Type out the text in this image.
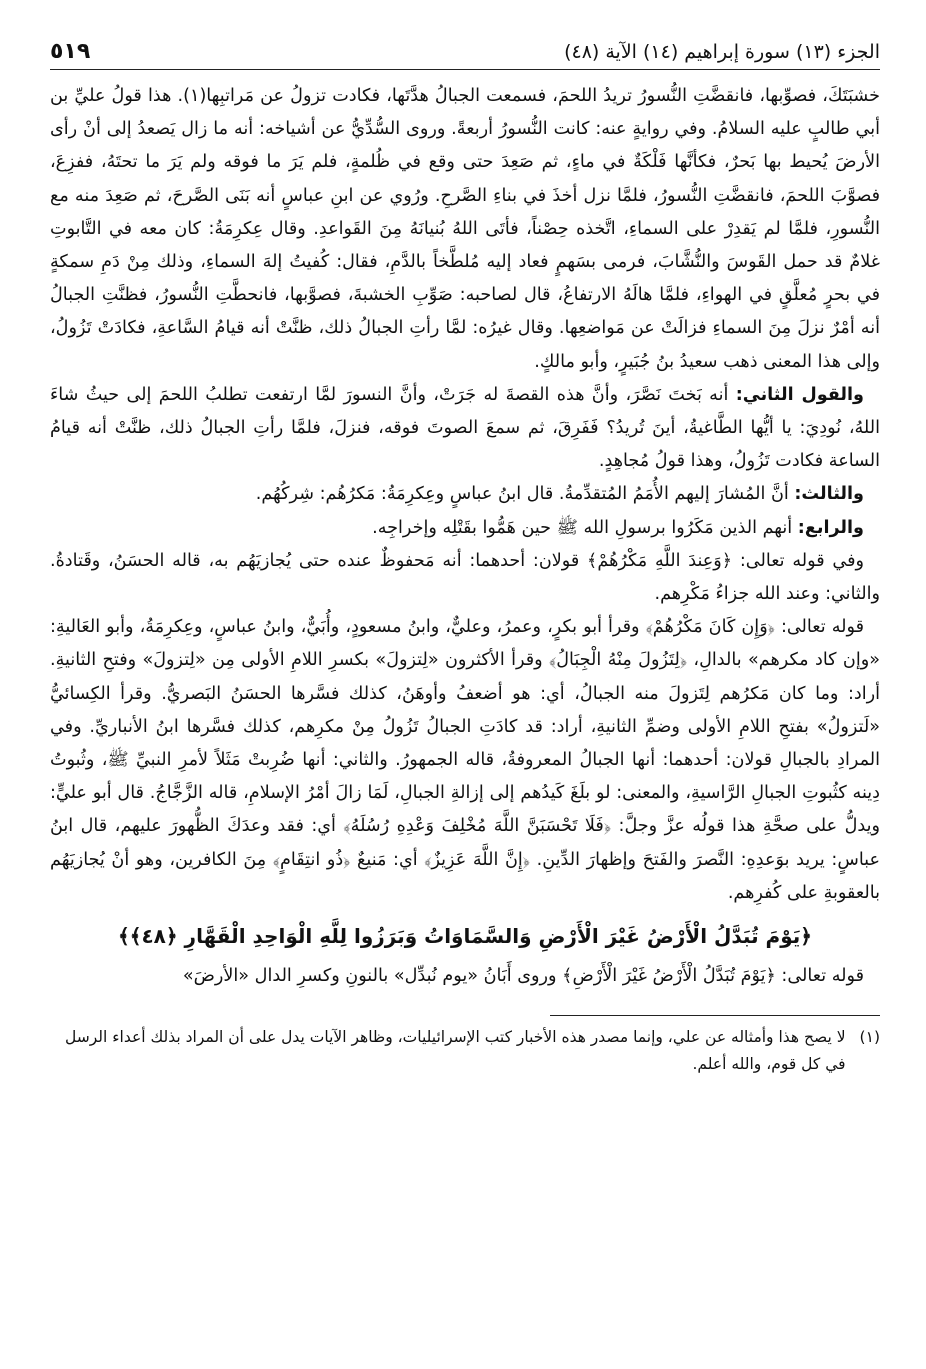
الجزء (١٣) سورة إبراهيم (١٤) الآية (٤٨)
٥١٩

خشبَتَكَ، فصوِّبها، فانقضَّتِ النُّسورُ تريدُ اللحمَ، فسمعت الجبالُ هدَّتَها، فكادت تزولُ عن مَراتبِها(١). هذا قولُ عليِّ بن أبي طالبٍ عليه السلامُ. وفي روايةٍ عنه: كانت النُّسورُ أربعةً. وروى السُّدِّيُّ عن أشياخه: أنه ما زال يَصعدُ إلى أنْ رأى الأرضَ يُحيط بها بَحرٌ، فكأنَّها فَلْكَةٌ في ماءٍ، ثم صَعِدَ حتى وقع في ظُلمةٍ، فلم يَرَ ما فوقه ولم يَرَ ما تحتَهُ، ففزِعَ، فصوَّبَ اللحمَ، فانقضَّتِ النُّسورُ، فلمَّا نزل أخذَ في بناءِ الصَّرحِ. ورُوي عن ابنِ عباسٍ أنه بَنَى الصَّرحَ، ثم صَعِدَ منه مع النُّسورِ، فلمَّا لم يَقدِرْ على السماءِ، اتَّخذه حِصْناً، فأتَى اللهُ بُنيانَهُ مِنَ القَواعدِ. وقال عِكرِمَةُ: كان معه في التَّابوتِ غلامٌ قد حمل القَوسَ والنُّشَّابَ، فرمى بسَهمٍ فعاد إليه مُلطَّخاً بالدَّمِ، فقال: كُفيتُ إلهَ السماءِ، وذلك مِنْ دَمِ سمكةٍ في بحرٍ مُعلَّقٍ في الهواءِ، فلمَّا هالَهُ الارتفاعُ، قال لصاحبه: صَوِّبِ الخشبةَ، فصوَّبها، فانحطَّتِ النُّسورُ، فظنَّتِ الجبالُ أنه أمْرٌ نزلَ مِنَ السماءِ فزالَتْ عن مَواضعِها. وقال غيرُه: لمَّا رأتِ الجبالُ ذلك، ظنَّتْ أنه قيامُ السَّاعةِ، فكادَتْ تَزُولُ، وإلى هذا المعنى ذهب سعيدُ بنُ جُبَيرٍ، وأبو مالكٍ.

والقول الثاني: أنه بَختَ نَصَّرَ، وأنَّ هذه القصةَ له جَرَتْ، وأنَّ النسورَ لمَّا ارتفعت تطلبُ اللحمَ إلى حيثُ شاءَ اللهُ، نُودِيَ: يا أيُّها الطَّاغيةُ، أينَ تُريدُ؟ فَفَرِقَ، ثم سمعَ الصوتَ فوقه، فنزلَ، فلمَّا رأتِ الجبالُ ذلك، ظنَّتْ أنه قيامُ الساعة فكادت تَزُولُ، وهذا قولُ مُجاهِدٍ.

والثالث: أنَّ المُشارَ إليهم الأُمَمُ المُتقدِّمةُ. قال ابنُ عباسٍ وعِكرِمَةُ: مَكرُهُم: شِركُهُم.

والرابع: أنهم الذين مَكَرُوا برسولِ الله ﷺ حين هَمُّوا بقَتْلِه وإخراجِه.

وفي قوله تعالى: ﴿وَعِندَ اللَّهِ مَكْرُهُمْ﴾ قولان: أحدهما: أنه مَحفوظٌ عنده حتى يُجازيَهُم به، قاله الحسَنُ، وقَتادةُ. والثاني: وعند الله جزاءُ مَكْرِهم.

قوله تعالى: ﴿وَإِن كَانَ مَكْرُهُمْ﴾ وقرأ أبو بكرٍ، وعمرُ، وعليٌّ، وابنُ مسعودٍ، وأُبَيٌّ، وابنُ عباسٍ، وعِكرِمَةُ، وأبو العَاليةِ: «وإن كاد مكرهم» بالدالِ، ﴿لِتَزُولَ مِنْهُ الْجِبَالُ﴾ وقرأ الأكثرون «لِتزولَ» بكسرِ اللامِ الأولى مِن «لِتزولَ» وفتحِ الثانيةِ. أراد: وما كان مَكرُهم لِتَزولَ منه الجبالُ، أي: هو أضعفُ وأوهَنُ، كذلك فسَّرها الحسَنُ البَصريُّ. وقرأ الكِسائيُّ «لَتزولُ» بفتحِ اللامِ الأولى وضمِّ الثانيةِ، أراد: قد كادَتِ الجبالُ تَزُولُ مِنْ مكرِهم، كذلك فسَّرها ابنُ الأنباريِّ. وفي المرادِ بالجبالِ قولان: أحدهما: أنها الجبالُ المعروفةُ، قاله الجمهورُ. والثاني: أنها ضُرِبتْ مَثَلاً لأمرِ النبيِّ ﷺ، وثُبوتُ دِينه كثُبوتِ الجبالِ الرَّاسيةِ، والمعنى: لو بلَغَ كَيدُهم إلى إزالةِ الجبالِ، لَمَا زالَ أمْرُ الإسلامِ، قاله الزَّجَّاجُ. قال أبو عليٍّ: ويدلُّ على صحَّةِ هذا قولُه عزَّ وجلَّ: ﴿فَلَا تَحْسَبَنَّ اللَّهَ مُخْلِفَ وَعْدِهِ رُسُلَهُ﴾ أي: فقد وعدَكَ الظُّهورَ عليهم، قال ابنُ عباسٍ: يريد بوَعدِهِ: النَّصرَ والفَتحَ وإظهارَ الدِّينِ. ﴿إِنَّ اللَّهَ عَزِيزٌ﴾ أي: مَنيعٌ ﴿ذُو انتِقَامٍ﴾ مِنَ الكافرين، وهو أنْ يُجازيَهُم بالعقوبةِ على كُفرِهم.

﴿يَوْمَ تُبَدَّلُ الْأَرْضُ غَيْرَ الْأَرْضِ وَالسَّمَاوَاتُ وَبَرَزُوا لِلَّهِ الْوَاحِدِ الْقَهَّارِ ﴿٤٨﴾﴾

قوله تعالى: ﴿يَوْمَ تُبَدَّلُ الْأَرْضُ غَيْرَ الْأَرْضِ﴾ وروى أَبَانُ «يوم نُبدِّل» بالنونِ وكسرِ الدال «الأرضَ»

(١)
لا يصح هذا وأمثاله عن علي، وإنما مصدر هذه الأخبار كتب الإسرائيليات، وظاهر الآيات يدل على أن المراد بذلك أعداء الرسل في كل قوم، والله أعلم.
